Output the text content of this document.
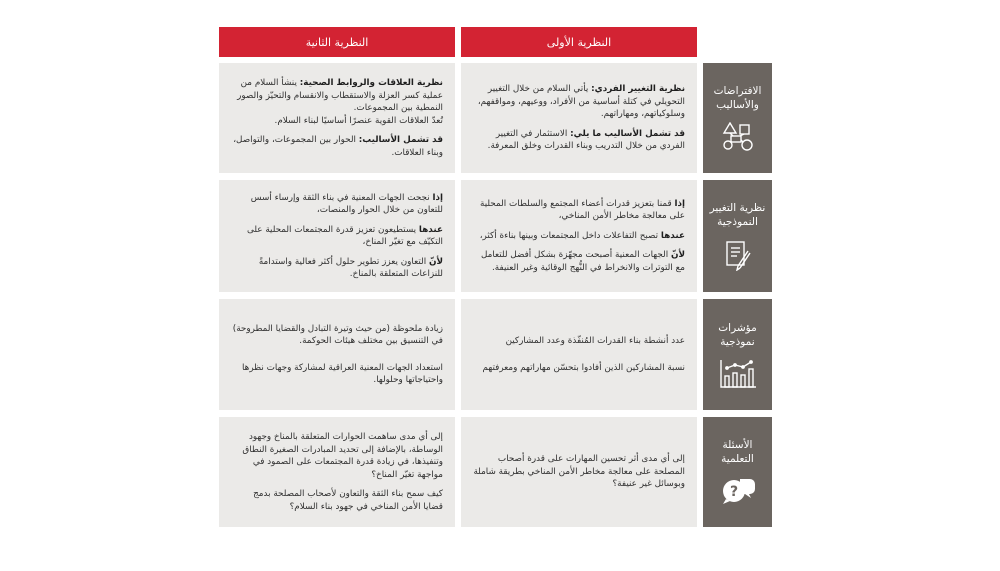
النظرية الأولى
النظرية الثانية
الافتراضات والأساليب

نظرية التغيير الفردي: يأتي السلام من خلال التغيير التحويلي في كتلة أساسية من الأفراد، ووعيهم، ومواقفهم، وسلوكياتهم، ومهاراتهم.

قد تشمل الأساليب ما يلي: الاستثمار في التغيير الفردي من خلال التدريب وبناء القدرات وخلق المعرفة.

نظرية العلاقات والروابط الصحية: ينشأ السلام من عملية كسر العزلة والاستقطاب والانقسام والتحيّز والصور النمطية بين المجموعات.
تُعدّ العلاقات القوية عنصرًا أساسيًا لبناء السلام.

قد تشمل الأساليب: الحوار بين المجموعات، والتواصل، وبناء العلاقات.

نظرية التغيير النموذجية

إذا قمنا بتعزيز قدرات أعضاء المجتمع والسلطات المحلية على معالجة مخاطر الأمن المناخي،

عندها تصبح التفاعلات داخل المجتمعات وبينها بناءة أكثر،

لأنّ الجهات المعنية أصبحت مجهّزة بشكل أفضل للتعامل مع التوترات والانخراط في النُّهج الوقائية وغير العنيفة.

إذا نجحت الجهات المعنية في بناء الثقة وإرساء أسس للتعاون من خلال الحوار والمنصات،

عندها يستطيعون تعزيز قدرة المجتمعات المحلية على التكيّف مع تغيّر المناخ،

لأنّ التعاون يعزز تطوير حلول أكثر فعالية واستدامةً للنزاعات المتعلقة بالمناخ.

مؤشرات نموذجية

عدد أنشطة بناء القدرات المُنفّذة وعدد المشاركين

نسبة المشاركين الذين أفادوا بتحسّن مهاراتهم ومعرفتهم

زيادة ملحوظة (من حيث وتيرة التبادل والقضايا المطروحة) في التنسيق بين مختلف هيئات الحوكمة.

استعداد الجهات المعنية العراقية لمشاركة وجهات نظرها واحتياجاتها وحلولها.

الأسئلة التعلمية
?

إلى أي مدى أثر تحسين المهارات على قدرة أصحاب المصلحة على معالجة مخاطر الأمن المناخي بطريقة شاملة وبوسائل غير عنيفة؟

إلى أي مدى ساهمت الحوارات المتعلقة بالمناخ وجهود الوساطة، بالإضافة إلى تحديد المبادرات الصغيرة النطاق وتنفيذها، في زيادة قدرة المجتمعات على الصمود في مواجهة تغيّر المناخ؟

كيف سمح بناء الثقة والتعاون لأصحاب المصلحة بدمج قضايا الأمن المناخي في جهود بناء السلام؟
